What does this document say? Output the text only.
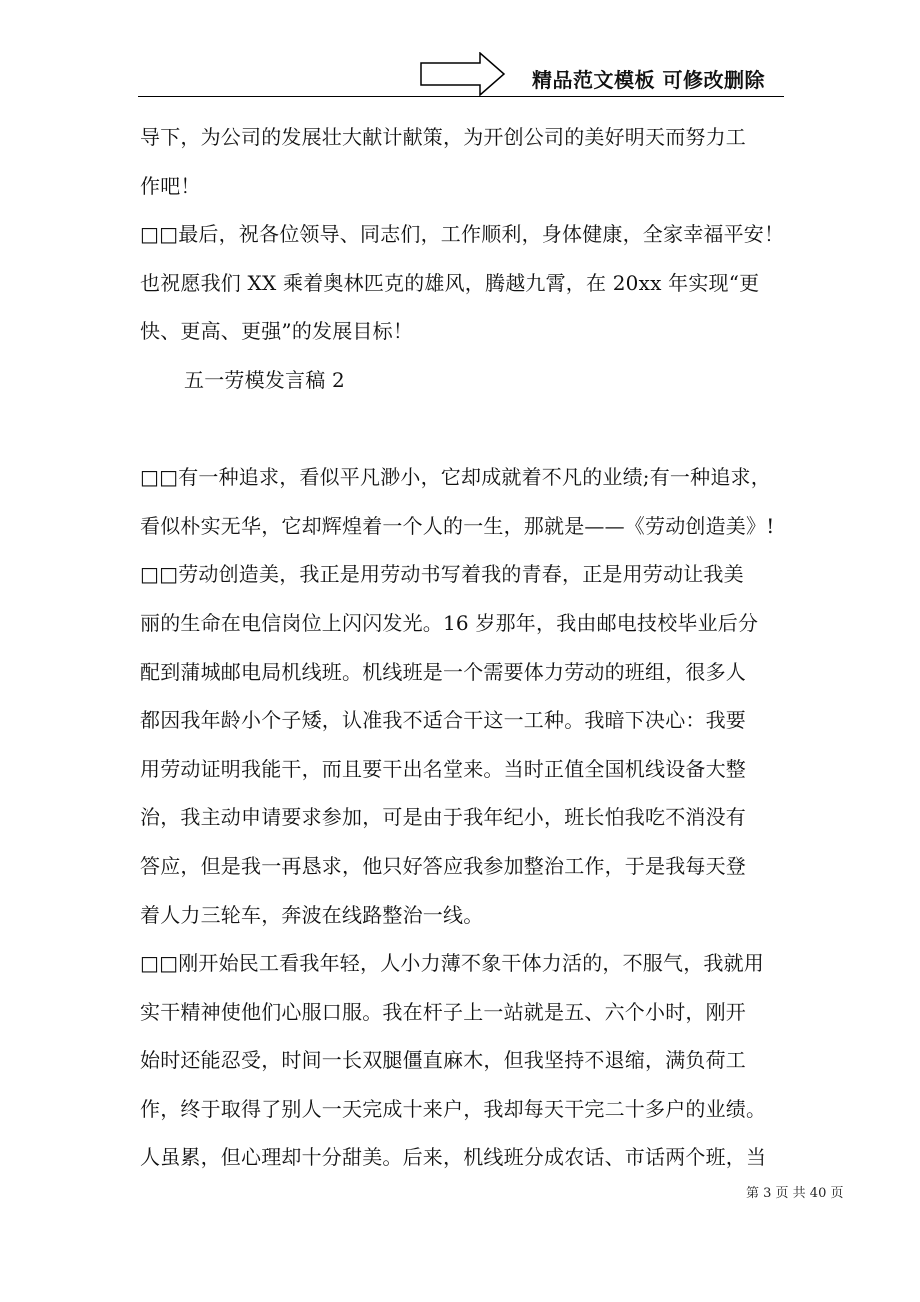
精品范文模板 可修改删除
导下，为公司的发展壮大献计献策，为开创公司的美好明天而努力工
作吧！
□□最后，祝各位领导、同志们，工作顺利，身体健康，全家幸福平安！
也祝愿我们 XX 乘着奥林匹克的雄风，腾越九霄，在 20xx 年实现“更
快、更高、更强”的发展目标！
五一劳模发言稿 2
□□有一种追求，看似平凡渺小，它却成就着不凡的业绩;有一种追求，
看似朴实无华，它却辉煌着一个人的一生，那就是——《劳动创造美》!
□□劳动创造美，我正是用劳动书写着我的青春，正是用劳动让我美
丽的生命在电信岗位上闪闪发光。16 岁那年，我由邮电技校毕业后分
配到蒲城邮电局机线班。机线班是一个需要体力劳动的班组，很多人
都因我年龄小个子矮，认准我不适合干这一工种。我暗下决心：我要
用劳动证明我能干，而且要干出名堂来。当时正值全国机线设备大整
治，我主动申请要求参加，可是由于我年纪小，班长怕我吃不消没有
答应，但是我一再恳求，他只好答应我参加整治工作，于是我每天登
着人力三轮车，奔波在线路整治一线。
□□刚开始民工看我年轻，人小力薄不象干体力活的，不服气，我就用
实干精神使他们心服口服。我在杆子上一站就是五、六个小时，刚开
始时还能忍受，时间一长双腿僵直麻木，但我坚持不退缩，满负荷工
作，终于取得了别人一天完成十来户，我却每天干完二十多户的业绩。
人虽累，但心理却十分甜美。后来，机线班分成农话、市话两个班，当
第 3 页 共 40 页
